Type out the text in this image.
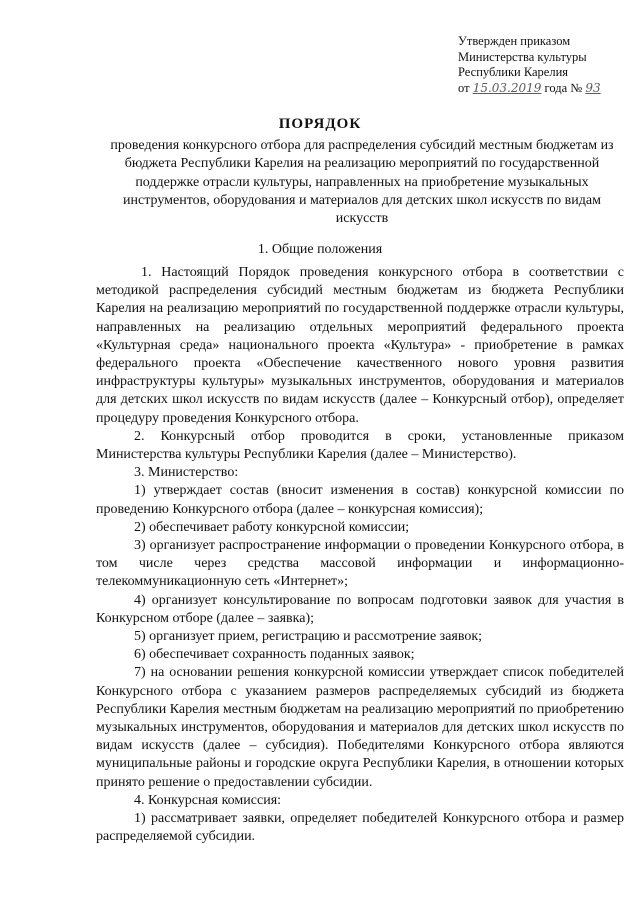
Утвержден приказом
Министерства культуры
Республики Карелия
от 15.03.2019 года № 93
ПОРЯДОК
проведения конкурсного отбора для распределения субсидий местным бюджетам из бюджета Республики Карелия на реализацию мероприятий по государственной поддержке отрасли культуры, направленных на приобретение музыкальных инструментов, оборудования и материалов для детских школ искусств по видам искусств
1. Общие положения

1. Настоящий Порядок проведения конкурсного отбора в соответствии с методикой распределения субсидий местным бюджетам из бюджета Республики Карелия на реализацию мероприятий по государственной поддержке отрасли культуры, направленных на реализацию отдельных мероприятий федерального проекта «Культурная среда» национального проекта «Культура» - приобретение в рамках федерального проекта «Обеспечение качественного нового уровня развития инфраструктуры культуры» музыкальных инструментов, оборудования и материалов для детских школ искусств по видам искусств (далее – Конкурсный отбор), определяет процедуру проведения Конкурсного отбора.

2. Конкурсный отбор проводится в сроки, установленные приказом Министерства культуры Республики Карелия (далее – Министерство).

3. Министерство:

1) утверждает состав (вносит изменения в состав) конкурсной комиссии по проведению Конкурсного отбора (далее – конкурсная комиссия);

2) обеспечивает работу конкурсной комиссии;

3) организует распространение информации о проведении Конкурсного отбора, в том числе через средства массовой информации и информационно-телекоммуникационную сеть «Интернет»;

4) организует консультирование по вопросам подготовки заявок для участия в Конкурсном отборе (далее – заявка);

5) организует прием, регистрацию и рассмотрение заявок;

6) обеспечивает сохранность поданных заявок;

7) на основании решения конкурсной комиссии утверждает список победителей Конкурсного отбора с указанием размеров распределяемых субсидий из бюджета Республики Карелия местным бюджетам на реализацию мероприятий по приобретению музыкальных инструментов, оборудования и материалов для детских школ искусств по видам искусств (далее – субсидия). Победителями Конкурсного отбора являются муниципальные районы и городские округа Республики Карелия, в отношении которых принято решение о предоставлении субсидии.

4. Конкурсная комиссия:

1) рассматривает заявки, определяет победителей Конкурсного отбора и размер распределяемой субсидии.
